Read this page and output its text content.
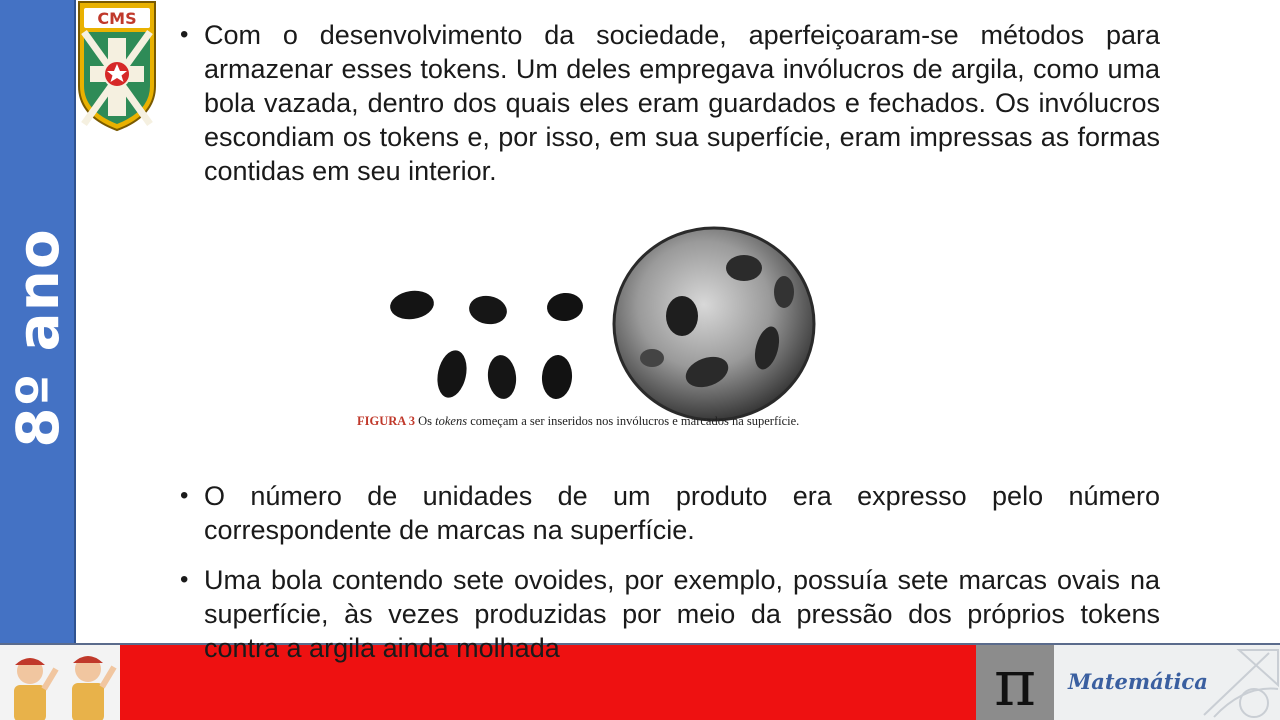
8º ano
CMS
• Com o desenvolvimento da sociedade, aperfeiçoaram-se métodos para armazenar esses tokens. Um deles empregava invólucros de argila, como uma bola vazada, dentro dos quais eles eram guardados e fechados. Os invólucros escondiam os tokens e, por isso, em sua superfície, eram impressas as formas contidas em seu interior.
FIGURA 3 Os tokens começam a ser inseridos nos invólucros e marcados na superfície.
• O número de unidades de um produto era expresso pelo número correspondente de marcas na superfície.
π	Matemática
• Uma bola contendo sete ovoides, por exemplo, possuía sete marcas ovais na superfície, às vezes produzidas por meio da pressão dos próprios tokens contra a argila ainda molhada
